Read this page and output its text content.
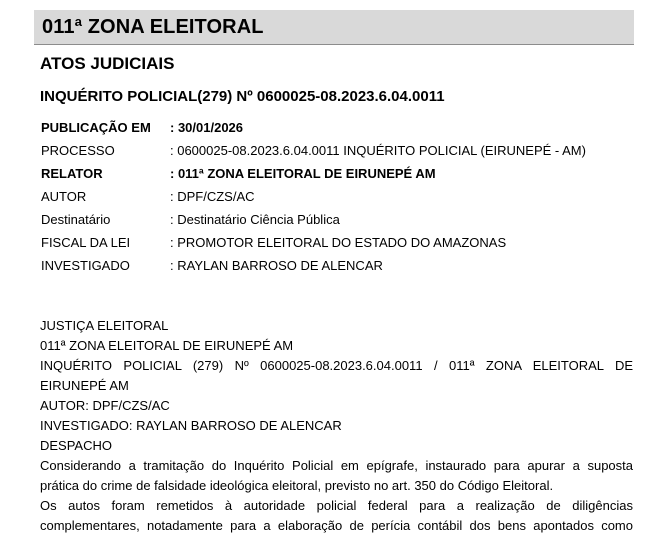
011ª ZONA ELEITORAL
ATOS JUDICIAIS
INQUÉRITO POLICIAL(279) Nº 0600025-08.2023.6.04.0011
PUBLICAÇÃO EM : 30/01/2026
PROCESSO	: 0600025-08.2023.6.04.0011 INQUÉRITO POLICIAL (EIRUNEPÉ - AM)
RELATOR	: 011ª ZONA ELEITORAL DE EIRUNEPÉ AM
AUTOR	: DPF/CZS/AC
Destinatário	: Destinatário Ciência Pública
FISCAL DA LEI	: PROMOTOR ELEITORAL DO ESTADO DO AMAZONAS
INVESTIGADO	: RAYLAN BARROSO DE ALENCAR

JUSTIÇA ELEITORAL

011ª ZONA ELEITORAL DE EIRUNEPÉ AM

INQUÉRITO POLICIAL (279) Nº 0600025-08.2023.6.04.0011 / 011ª ZONA ELEITORAL DE

EIRUNEPÉ AM

AUTOR: DPF/CZS/AC

INVESTIGADO: RAYLAN BARROSO DE ALENCAR

DESPACHO

Considerando a tramitação do Inquérito Policial em epígrafe, instaurado para apurar a suposta

prática do crime de falsidade ideológica eleitoral, previsto no art. 350 do Código Eleitoral.

Os autos foram remetidos à autoridade policial federal para a realização de diligências

complementares, notadamente para a elaboração de perícia contábil dos bens apontados como
